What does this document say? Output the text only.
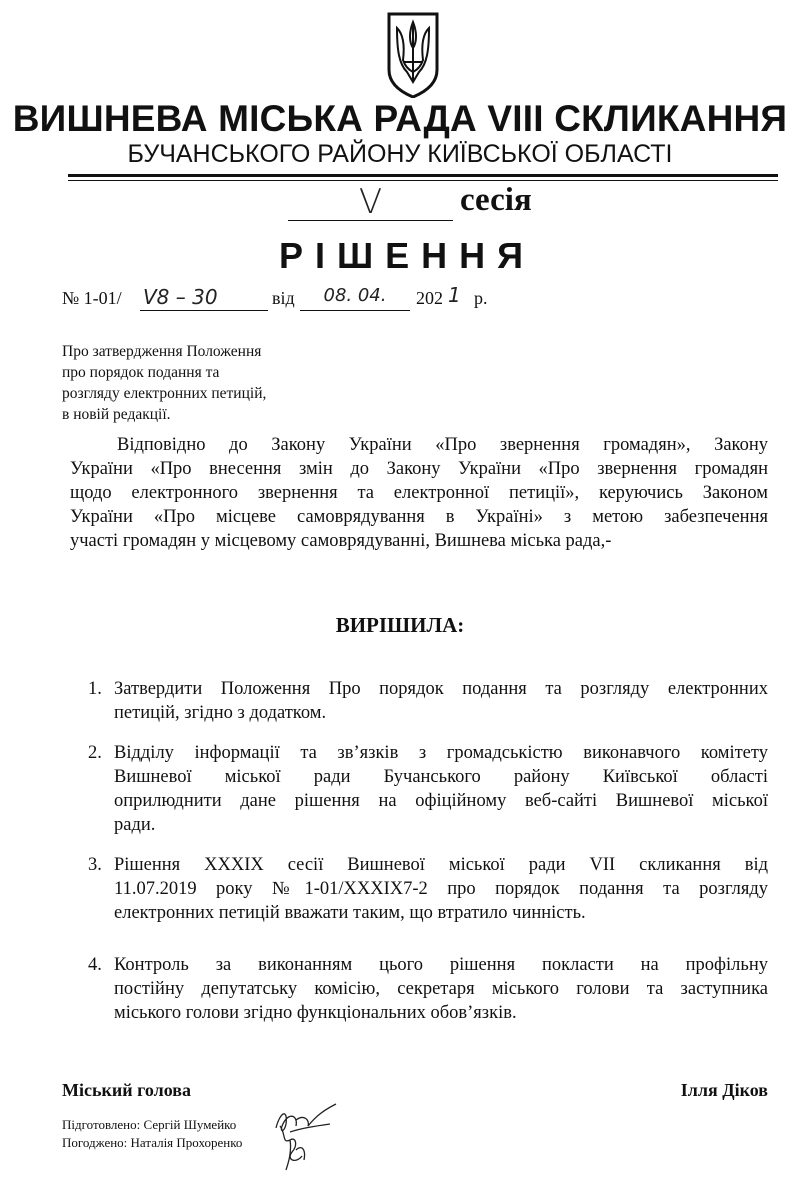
ВИШНЕВА МІСЬКА РАДА VIII СКЛИКАННЯ
БУЧАНСЬКОГО РАЙОНУ КИЇВСЬКОЇ ОБЛАСТІ
V	сесія
РІШЕННЯ
№ 1-01/ V8 – 30	від	08. 04.	202 1 р.
Про затвердження Положення
про порядок подання та
розгляду електронних петицій,
в новій редакції.
Відповідно до Закону України «Про звернення громадян», Закону
України «Про внесення змін до Закону України «Про звернення громадян
щодо електронного звернення та електронної петиції», керуючись Законом
України «Про місцеве самоврядування в Україні» з метою забезпечення
участі громадян у місцевому самоврядуванні, Вишнева міська рада,-
ВИРІШИЛА:
1. Затвердити Положення Про порядок подання та розгляду електронних
петицій, згідно з додатком.
2. Відділу інформації та зв’язків з громадськістю виконавчого комітету
Вишневої міської ради Бучанського району Київської області
оприлюднити дане рішення на офіційному веб-сайті Вишневої міської
ради.
3. Рішення XXXIX сесії Вишневої міської ради VII скликання від
11.07.2019 року №1-01/XXXIX7-2 про порядок подання та розгляду
електронних петицій вважати таким, що втратило чинність.
4. Контроль за виконанням цього рішення покласти на профільну
постійну депутатську комісію, секретаря міського голови та заступника
міського голови згідно функціональних обов’язків.
Міський голова	Ілля Діков
Підготовлено: Сергій Шумейко
Погоджено: Наталія Прохоренко
